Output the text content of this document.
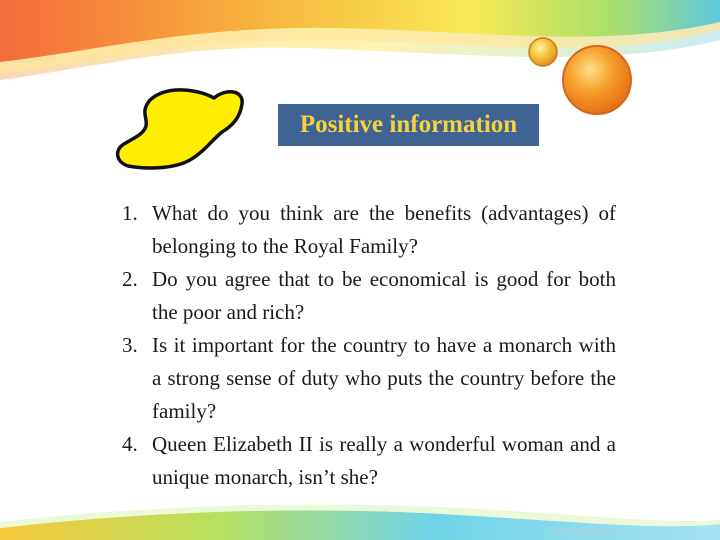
Positive information
1. What do you think are the benefits (advantages) of belonging to the Royal Family?
2. Do you agree that to be economical is good for both the poor and rich?
3. Is it important for the country to have a monarch with a strong sense of duty who puts the country before the family?
4. Queen Elizabeth II is really a wonderful woman and a unique monarch, isn’t she?
http://aida.ucoz.ru
